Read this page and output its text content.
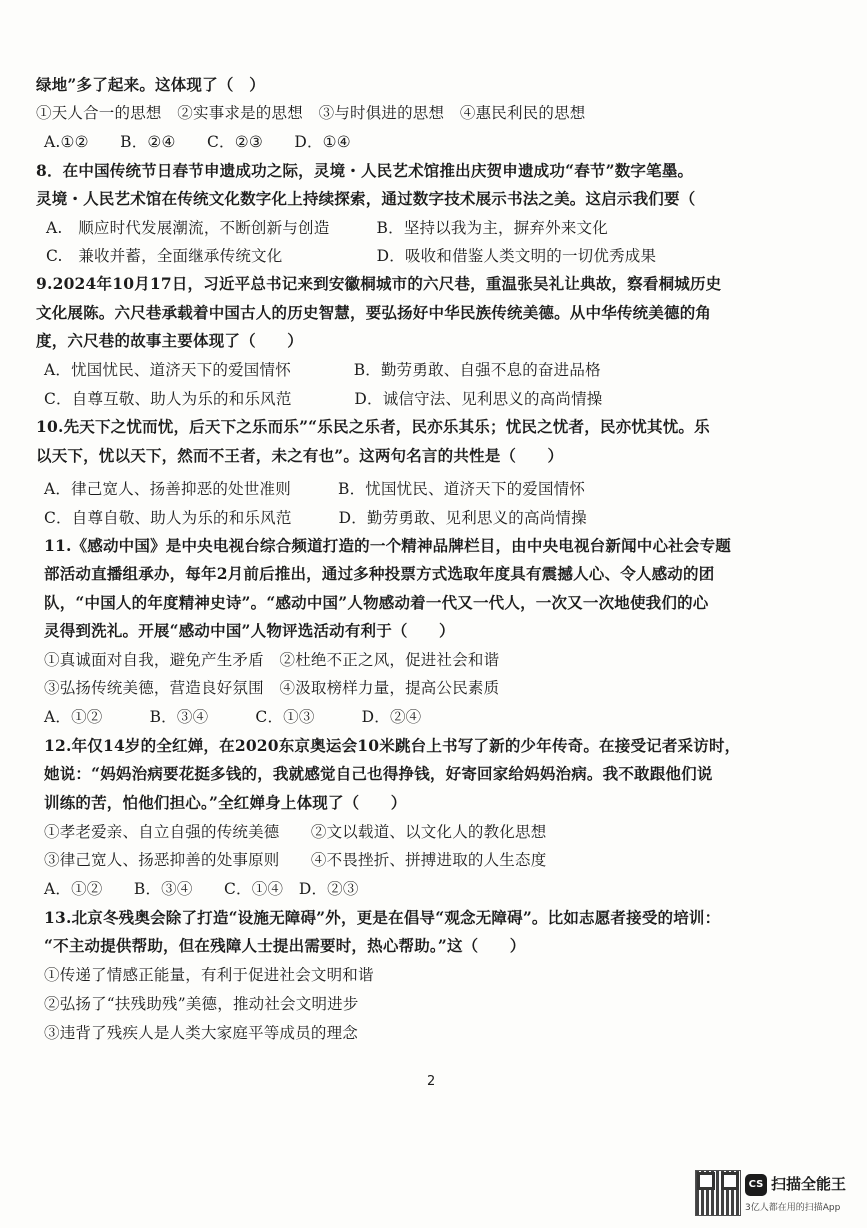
绿地”多了起来。这体现了（　）
①天人合一的思想　②实事求是的思想　③与时俱进的思想　④惠民利民的思想
A.①②　　B．②④　　C．②③　　D．①④
8．在中国传统节日春节申遗成功之际，灵境・人民艺术馆推出庆贺申遗成功“春节”数字笔墨。
灵境・人民艺术馆在传统文化数字化上持续探索，通过数字技术展示书法之美。这启示我们要（
A.　顺应时代发展潮流，不断创新与创造　　　B．坚持以我为主，摒弃外来文化
C.　兼收并蓄，全面继承传统文化　　　　　　D．吸收和借鉴人类文明的一切优秀成果
9.2024年10月17日，习近平总书记来到安徽桐城市的六尺巷，重温张吴礼让典故，察看桐城历史
文化展陈。六尺巷承载着中国古人的历史智慧，要弘扬好中华民族传统美德。从中华传统美德的角
度，六尺巷的故事主要体现了（　　）
A．忧国忧民、道济天下的爱国情怀　　　　B．勤劳勇敢、自强不息的奋进品格
C．自尊互敬、助人为乐的和乐风范　　　　D．诚信守法、见利思义的高尚情操
10.先天下之忧而忧，后天下之乐而乐”“乐民之乐者，民亦乐其乐；忧民之忧者，民亦忧其忧。乐
以天下，忧以天下，然而不王者，未之有也”。这两句名言的共性是（　　）
A．律己宽人、扬善抑恶的处世准则　　　B．忧国忧民、道济天下的爱国情怀
C．自尊自敬、助人为乐的和乐风范　　　D．勤劳勇敢、见利思义的高尚情操
11.《感动中国》是中央电视台综合频道打造的一个精神品牌栏目，由中央电视台新闻中心社会专题
部活动直播组承办，每年2月前后推出，通过多种投票方式选取年度具有震撼人心、令人感动的团
队，“中国人的年度精神史诗”。“感动中国”人物感动着一代又一代人，一次又一次地使我们的心
灵得到洗礼。开展“感动中国”人物评选活动有利于（　　）
①真诚面对自我，避免产生矛盾　②杜绝不正之风，促进社会和谐
③弘扬传统美德，营造良好氛围　④汲取榜样力量，提高公民素质
A．①②　　　B．③④　　　C．①③　　　D．②④
12.年仅14岁的全红婵，在2020东京奥运会10米跳台上书写了新的少年传奇。在接受记者采访时，
她说：“妈妈治病要花挺多钱的，我就感觉自己也得挣钱，好寄回家给妈妈治病。我不敢跟他们说
训练的苦，怕他们担心。”全红婵身上体现了（　　）
①孝老爱亲、自立自强的传统美德　　②文以载道、以文化人的教化思想
③律己宽人、扬恶抑善的处事原则　　④不畏挫折、拼搏进取的人生态度
A．①②　　B．③④　　C．①④　D．②③
13.北京冬残奥会除了打造“设施无障碍”外，更是在倡导“观念无障碍”。比如志愿者接受的培训：
“不主动提供帮助，但在残障人士提出需要时，热心帮助。”这（　　）
①传递了情感正能量，有利于促进社会文明和谐
②弘扬了“扶残助残”美德，推动社会文明进步
③违背了残疾人是人类大家庭平等成员的理念
2
CS 扫描全能王
3亿人都在用的扫描App
